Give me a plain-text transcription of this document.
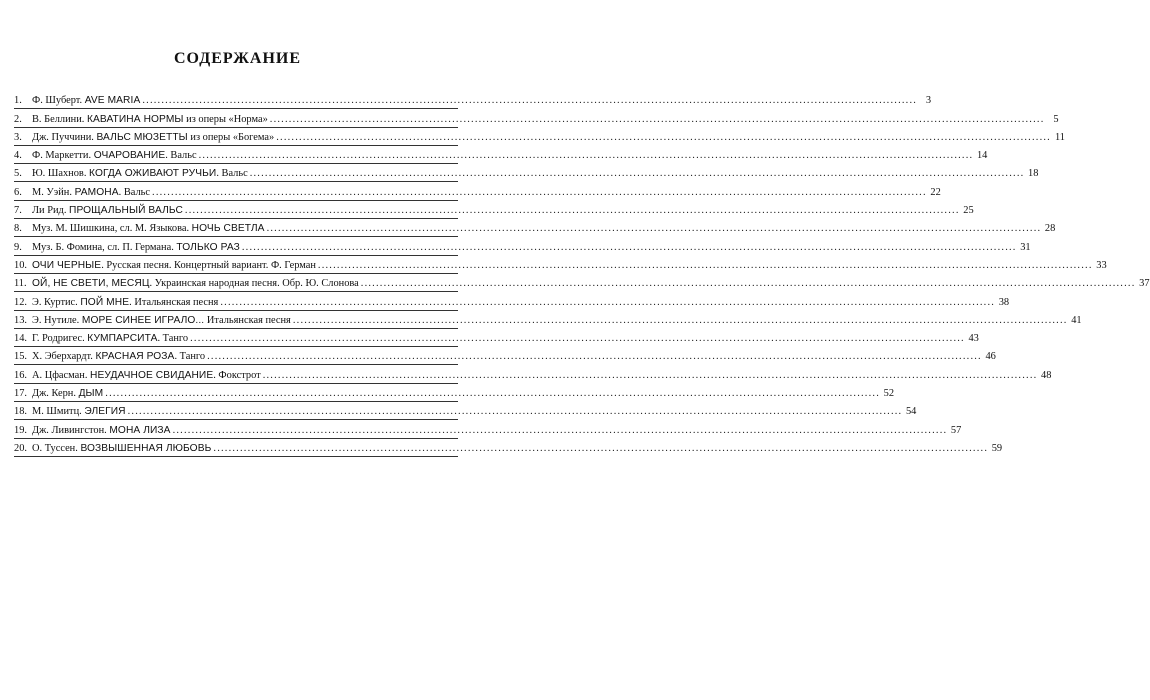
СОДЕРЖАНИЕ
1. Ф. Шуберт. AVE MARIA ............................................................................................................................................................................................................ 3
2. В. Беллини. КАВАТИНА НОРМЫ из оперы «Норма» ............................................................................................................................................................................................................ 5
3. Дж. Пуччини. ВАЛЬС МЮЗЕТТЫ из оперы «Богема» ............................................................................................................................................................................................................ 11
4. Ф. Маркетти. ОЧАРОВАНИЕ. Вальс ............................................................................................................................................................................................................ 14
5. Ю. Шахнов. КОГДА ОЖИВАЮТ РУЧЬИ. Вальс ............................................................................................................................................................................................................ 18
6. М. Уэйн. РАМОНА. Вальс ............................................................................................................................................................................................................ 22
7. Ли Рид. ПРОЩАЛЬНЫЙ ВАЛЬС ............................................................................................................................................................................................................ 25
8. Муз. М. Шишкина, сл. М. Языкова. НОЧЬ СВЕТЛА ............................................................................................................................................................................................................ 28
9. Муз. Б. Фомина, сл. П. Германа. ТОЛЬКО РАЗ ............................................................................................................................................................................................................ 31
10. ОЧИ ЧЕРНЫЕ. Русская песня. Концертный вариант. Ф. Герман ............................................................................................................................................................................................................ 33
11. ОЙ, НЕ СВЕТИ, МЕСЯЦ. Украинская народная песня. Обр. Ю. Слонова ............................................................................................................................................................................................................ 37
12. Э. Куртис. ПОЙ МНЕ. Итальянская песня ............................................................................................................................................................................................................ 38
13. Э. Нутиле. МОРЕ СИНЕЕ ИГРАЛО... Итальянская песня ............................................................................................................................................................................................................ 41
14. Г. Родригес. КУМПАРСИТА. Танго ............................................................................................................................................................................................................ 43
15. Х. Эберхардт. КРАСНАЯ РОЗА. Танго ............................................................................................................................................................................................................ 46
16. А. Цфасман. НЕУДАЧНОЕ СВИДАНИЕ. Фокстрот ............................................................................................................................................................................................................ 48
17. Дж. Керн. ДЫМ ............................................................................................................................................................................................................ 52
18. М. Шмитц. ЭЛЕГИЯ ............................................................................................................................................................................................................ 54
19. Дж. Ливингстон. МОНА ЛИЗА ............................................................................................................................................................................................................ 57
20. О. Туссен. ВОЗВЫШЕННАЯ ЛЮБОВЬ ............................................................................................................................................................................................................ 59
